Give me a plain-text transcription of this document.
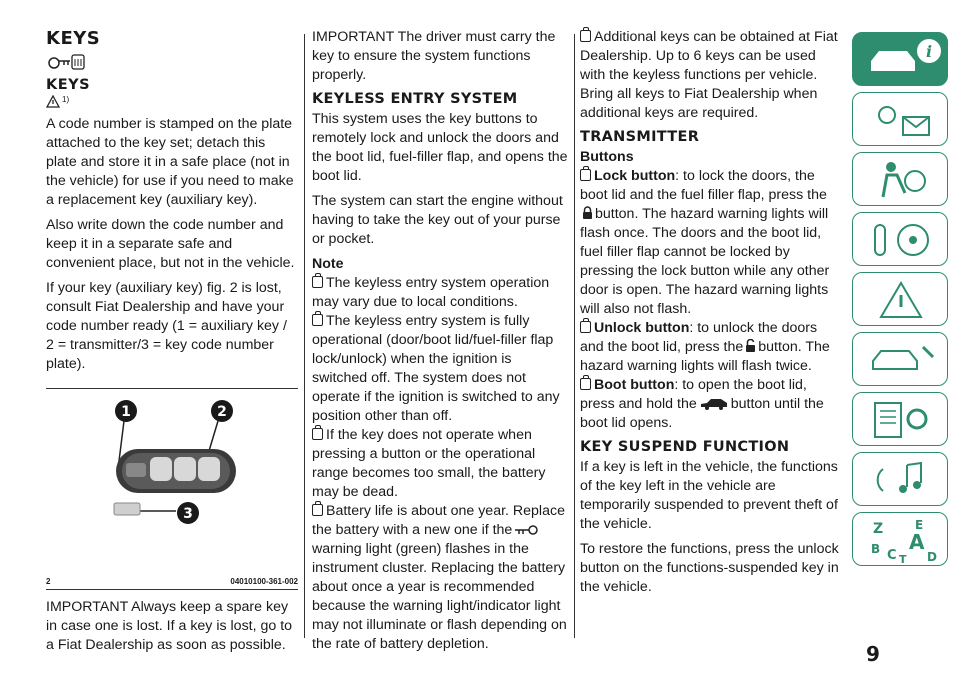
KEYS
KEYS
$^{1)}$

A code number is stamped on the plate attached to the key set; detach this plate and store it in a safe place (not in the vehicle) for use if you need to make a replacement key (auxiliary key).

Also write down the code number and keep it in a separate safe and convenient place, but not in the vehicle.

If your key (auxiliary key) fig. 2 is lost, consult Fiat Dealership and have your code number ready (1 = auxiliary key / 2 = transmitter/3 = key code number plate).

1	2
3
2	04010100-361-002

IMPORTANT Always keep a spare key in case one is lost. If a key is lost, go to a Fiat Dealership as soon as possible.

IMPORTANT The driver must carry the key to ensure the system functions properly.

KEYLESS ENTRY SYSTEM

This system uses the key buttons to remotely lock and unlock the doors and the boot lid, fuel-filler flap, and opens the boot lid.

The system can start the engine without having to take the key out of your purse or pocket.

Note

The keyless entry system operation may vary due to local conditions.

The keyless entry system is fully operational (door/boot lid/fuel-filler flap lock/unlock) when the ignition is switched off. The system does not operate if the ignition is switched to any position other than off.

If the key does not operate when pressing a button or the operational range becomes too small, the battery may be dead.

Battery life is about one year. Replace the battery with a new one if thewarning light (green) flashes in the instrument cluster. Replacing the battery about once a year is recommended because the warning light/indicator light may not illuminate or flash depending on the rate of battery depletion.

Additional keys can be obtained at Fiat Dealership. Up to 6 keys can be used with the keyless functions per vehicle. Bring all keys to Fiat Dealership when additional keys are required.

TRANSMITTER
Buttons

Lock button: to lock the doors, the boot lid and the fuel filler flap, press thebutton. The hazard warning lights will flash once. The doors and the boot lid, fuel filler flap cannot be locked by pressing the lock button while any other door is open. The hazard warning lights will also not flash.

Unlock button: to unlock the doors and the boot lid, press the button. The hazard warning lights will flash twice.

Boot button: to open the boot lid, press and hold the button until the boot lid opens.

KEY SUSPEND FUNCTION

If a key is left in the vehicle, the functions of the key left in the vehicle are temporarily suspended to prevent theft of the vehicle.

To restore the functions, press the unlock button on the functions-suspended key in the vehicle.

i
Z	E
A
B C T D
9
